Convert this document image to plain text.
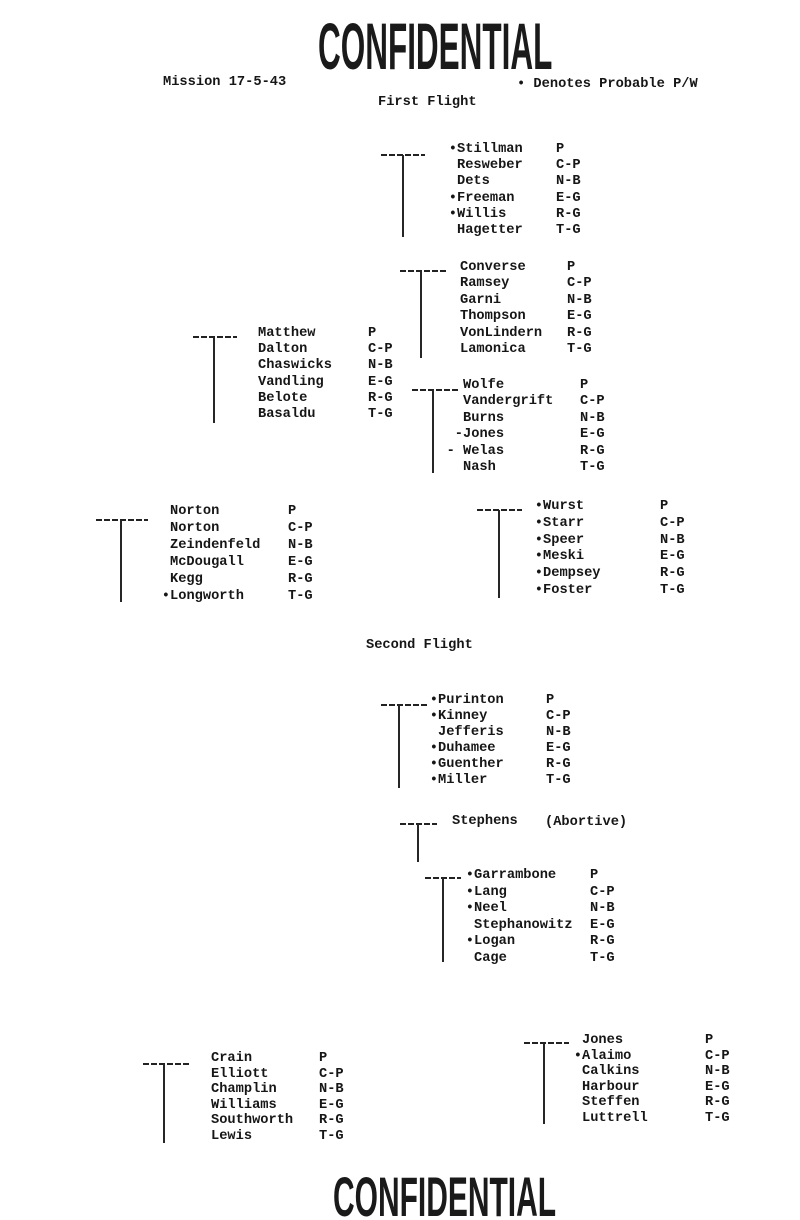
CONFIDENTIAL
Mission 17-5-43	• Denotes Probable P/W
First Flight
•Stillman P
Resweber C-P
Dets	N-B
•Freeman	E-G
•Willis	R-G
Hagetter T-G
Converse	P
Ramsey	C-P
Garni	N-B
Thompson	E-G
VonLindern R-G
Lamonica	T-G
Matthew	P
Dalton	C-P
Chaswicks	N-B
Vandling	E-G
Belote	R-G
Basaldu	T-G
Wolfe	P
Vandergrift C-P
Burns	N-B
-Jones	E-G
- Welas	R-G
Nash	T-G
Norton	P
Norton	C-P
Zeindenfeld N-B
McDougall	E-G
Kegg	R-G
•Longworth	T-G
•Wurst	P
•Starr	C-P
•Speer	N-B
•Meski	E-G
•Dempsey	R-G
•Foster	T-G
Second Flight
•Purinton	P
•Kinney	C-P
Jefferis	N-B
•Duhamee	E-G
•Guenther	R-G
•Miller	T-G
Stephens (Abortive)
•Garrambone P
•Lang	C-P
•Neel	N-B
Stephanowitz E-G
•Logan	R-G
Cage	T-G
Crain	P
Elliott	C-P
Champlin	N-B
Williams	E-G
Southworth R-G
Lewis	T-G
Jones	P
•Alaimo	C-P
Calkins	N-B
Harbour	E-G
Steffen	R-G
Luttrell	T-G
CONFIDENTIAL
